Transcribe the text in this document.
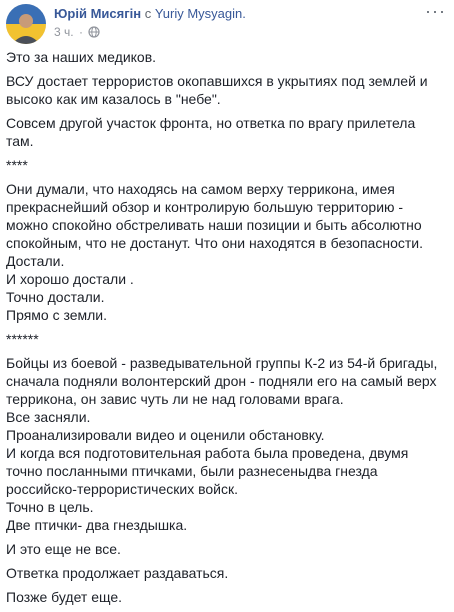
Юрій Мисягін с Yuriy Mysyagin.
3 ч. ·
···

Это за наших медиков.

ВСУ достает террористов окопавшихся в укрытиях под землей и высоко как им казалось в "небе".

Совсем другой участок фронта, но ответка по врагу прилетела там.

****

Они думали, что находясь на самом верху терриконa, имея прекраснейший обзор и контролирую большую территорию - можно спокойно обстреливать наши позиции и быть абсолютно спокойным, что не достанут. Что они находятся в безопасности.
Достали.
И хорошо достали .
Точно достали.
Прямо с земли.

******

Бойцы из боевой - разведывательной группы К-2 из 54-й бригады, сначала подняли волонтерский дрон - подняли его на самый верх терриконa, он завис чуть ли не над головами врага.
Все засняли.
Проанализировали видео и оценили обстановку.
И когда вся подготовительная работа была проведена, двумя точно посланными птичками, были разнесеныдва гнезда российско-террористических войск.
Точно в цель.
Две птички- два гнездышка.

И это еще не все.

Ответка продолжает раздаваться.

Позже будет еще.
